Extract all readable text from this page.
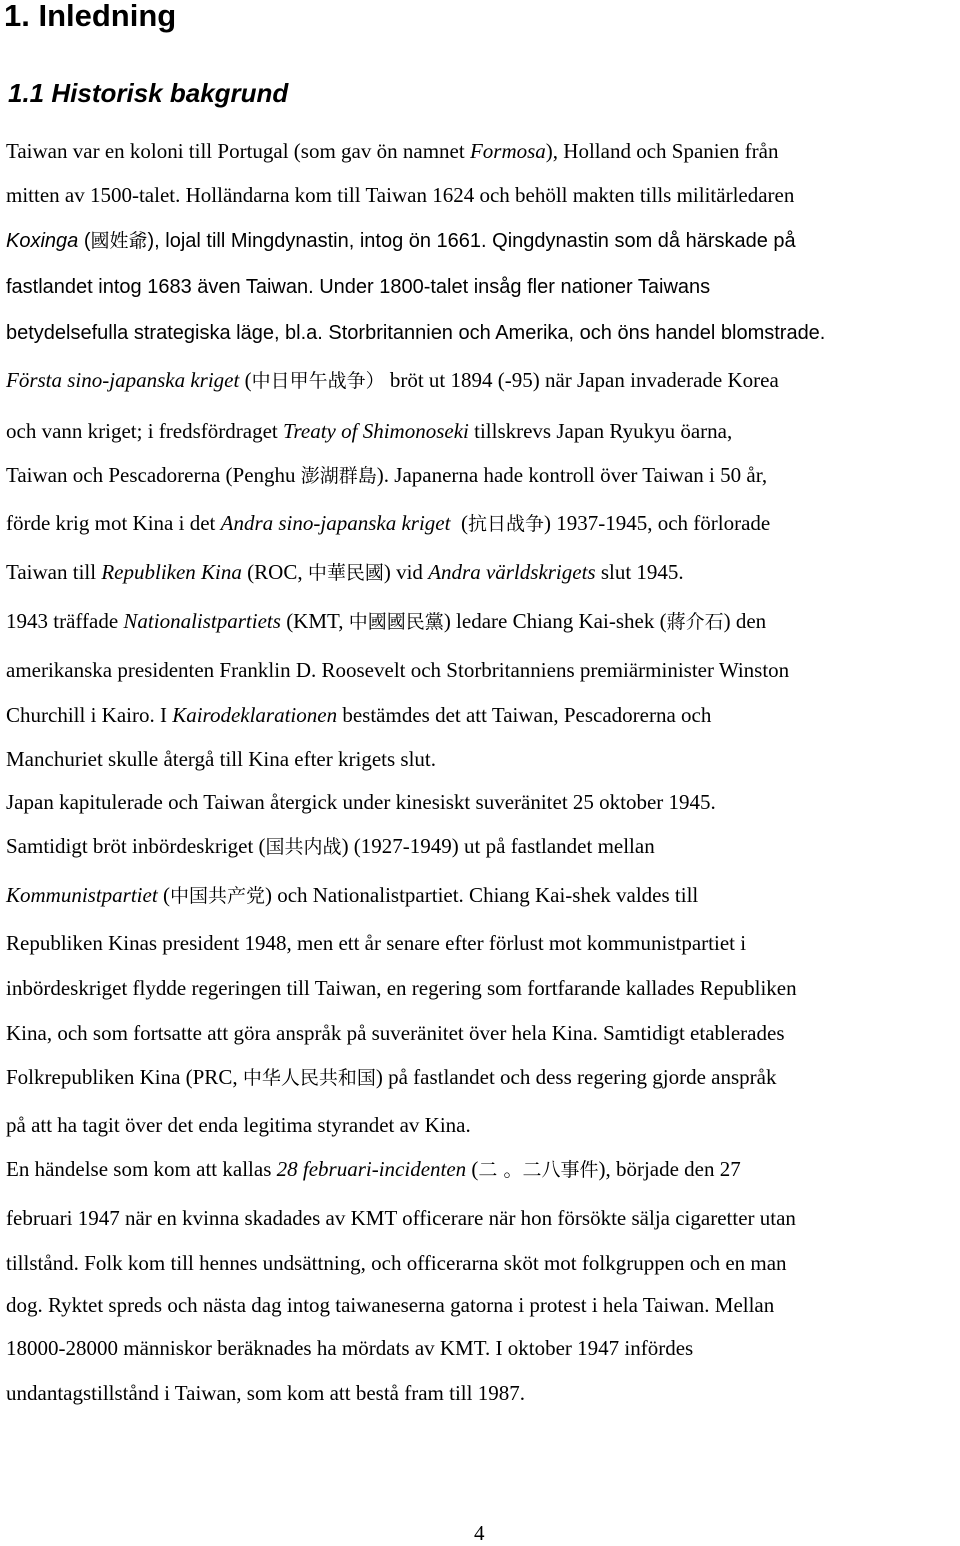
1. Inledning
1.1 Historisk bakgrund
Taiwan var en koloni till Portugal (som gav ön namnet Formosa), Holland och Spanien från
mitten av 1500-talet. Holländarna kom till Taiwan 1624 och behöll makten tills militärledaren
Koxinga (國姓爺), lojal till Mingdynastin, intog ön 1661. Qingdynastin som då härskade på
fastlandet intog 1683 även Taiwan. Under 1800-talet insåg fler nationer Taiwans
betydelsefulla strategiska läge, bl.a. Storbritannien och Amerika, och öns handel blomstrade.
Första sino-japanska kriget (中日甲午战争） bröt ut 1894 (-95) när Japan invaderade Korea
och vann kriget; i fredsfördraget Treaty of Shimonoseki tillskrevs Japan Ryukyu öarna,
Taiwan och Pescadorerna (Penghu 澎湖群島). Japanerna hade kontroll över Taiwan i 50 år,
förde krig mot Kina i det Andra sino-japanska kriget  (抗日战争) 1937-1945, och förlorade
Taiwan till Republiken Kina (ROC, 中華民國) vid Andra världskrigets slut 1945.
1943 träffade Nationalistpartiets (KMT, 中國國民黨) ledare Chiang Kai-shek (蔣介石) den
amerikanska presidenten Franklin D. Roosevelt och Storbritanniens premiärminister Winston
Churchill i Kairo. I Kairodeklarationen bestämdes det att Taiwan, Pescadorerna och
Manchuriet skulle återgå till Kina efter krigets slut.
Japan kapitulerade och Taiwan återgick under kinesiskt suveränitet 25 oktober 1945.
Samtidigt bröt inbördeskriget (国共内战) (1927-1949) ut på fastlandet mellan
Kommunistpartiet (中国共产党) och Nationalistpartiet. Chiang Kai-shek valdes till
Republiken Kinas president 1948, men ett år senare efter förlust mot kommunistpartiet i
inbördeskriget flydde regeringen till Taiwan, en regering som fortfarande kallades Republiken
Kina, och som fortsatte att göra anspråk på suveränitet över hela Kina. Samtidigt etablerades
Folkrepubliken Kina (PRC, 中华人民共和国) på fastlandet och dess regering gjorde anspråk
på att ha tagit över det enda legitima styrandet av Kina.
En händelse som kom att kallas 28 februari-incidenten (二 。二八事件), började den 27
februari 1947 när en kvinna skadades av KMT officerare när hon försökte sälja cigaretter utan
tillstånd. Folk kom till hennes undsättning, och officerarna sköt mot folkgruppen och en man
dog. Ryktet spreds och nästa dag intog taiwaneserna gatorna i protest i hela Taiwan. Mellan
18000-28000 människor beräknades ha mördats av KMT. I oktober 1947 infördes
undantagstillstånd i Taiwan, som kom att bestå fram till 1987.
4
